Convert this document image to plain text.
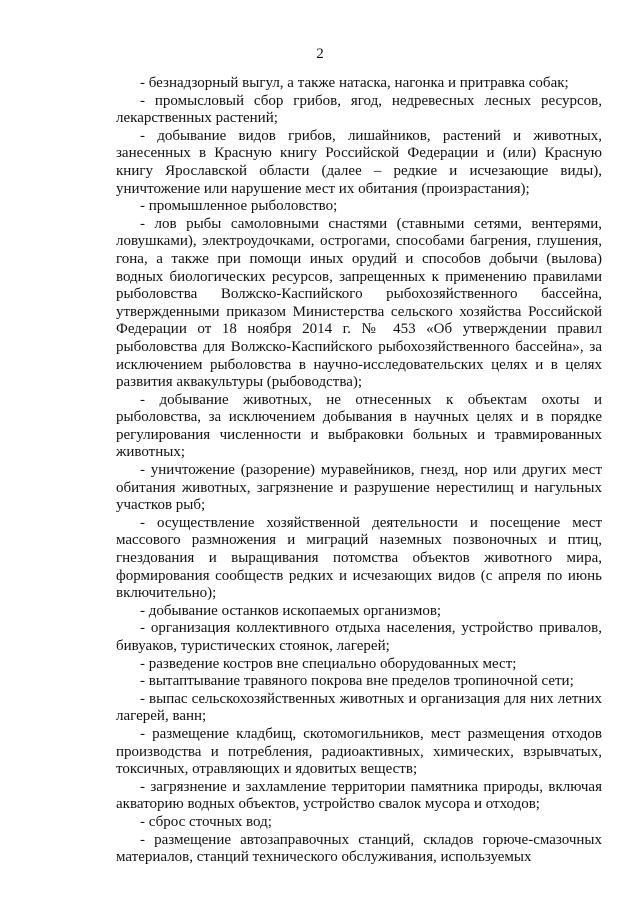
2

- безнадзорный выгул, а также натаска, нагонка и притравка собак;

- промысловый сбор грибов, ягод, недревесных лесных ресурсов, лекарственных растений;

- добывание видов грибов, лишайников, растений и животных, занесенных в Красную книгу Российской Федерации и (или) Красную книгу Ярославской области (далее – редкие и исчезающие виды), уничтожение или нарушение мест их обитания (произрастания);

- промышленное рыболовство;

- лов рыбы самоловными снастями (ставными сетями, вентерями, ловушками), электроудочками, острогами, способами багрения, глушения, гона, а также при помощи иных орудий и способов добычи (вылова) водных биологических ресурсов, запрещенных к применению правилами рыболовства Волжско-Каспийского рыбохозяйственного бассейна, утвержденными приказом Министерства сельского хозяйства Российской Федерации от 18 ноября 2014 г. № 453 «Об утверждении правил рыболовства для Волжско-Каспийского рыбохозяйственного бассейна», за исключением рыболовства в научно-исследовательских целях и в целях развития аквакультуры (рыбоводства);

- добывание животных, не отнесенных к объектам охоты и рыболовства, за исключением добывания в научных целях и в порядке регулирования численности и выбраковки больных и травмированных животных;

- уничтожение (разорение) муравейников, гнезд, нор или других мест обитания животных, загрязнение и разрушение нерестилищ и нагульных участков рыб;

- осуществление хозяйственной деятельности и посещение мест массового размножения и миграций наземных позвоночных и птиц, гнездования и выращивания потомства объектов животного мира, формирования сообществ редких и исчезающих видов (с апреля по июнь включительно);

- добывание останков ископаемых организмов;

- организация коллективного отдыха населения, устройство привалов, бивуаков, туристических стоянок, лагерей;

- разведение костров вне специально оборудованных мест;

- вытаптывание травяного покрова вне пределов тропиночной сети;

- выпас сельскохозяйственных животных и организация для них летних лагерей, ванн;

- размещение кладбищ, скотомогильников, мест размещения отходов производства и потребления, радиоактивных, химических, взрывчатых, токсичных, отравляющих и ядовитых веществ;

- загрязнение и захламление территории памятника природы, включая акваторию водных объектов, устройство свалок мусора и отходов;

- сброс сточных вод;

- размещение автозаправочных станций, складов горюче-смазочных материалов, станций технического обслуживания, используемых
